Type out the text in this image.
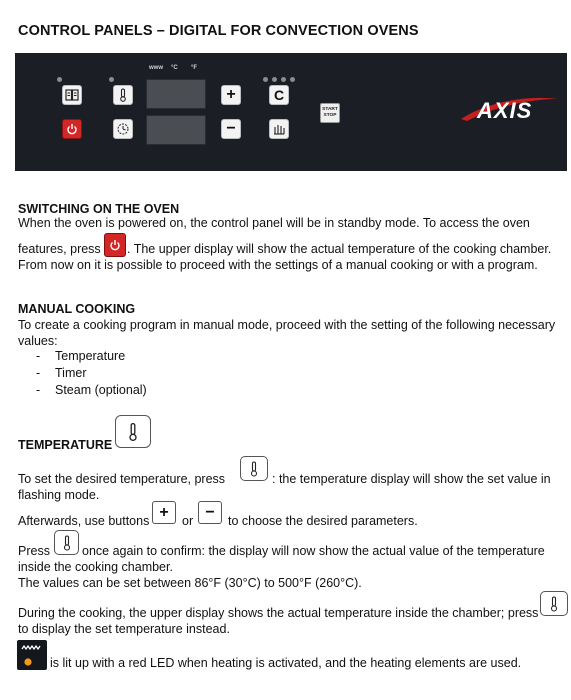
CONTROL PANELS – DIGITAL FOR CONVECTION OVENS
ᴡᴡᴡ °C °F
+
−
C
START
STOP	AXIS
SWITCHING ON THE OVEN
When the oven is powered on, the control panel will be in standby mode. To access the oven
features, press . The upper display will show the actual temperature of the cooking chamber.
From now on it is possible to proceed with the settings of a manual cooking or with a program.
MANUAL COOKING
To create a cooking program in manual mode, proceed with the setting of the following necessary
values:
- Temperature
- Timer
- Steam (optional)
TEMPERATURE
To set the desired temperature, press	: the temperature display will show the set value in
flashing mode.
Afterwards, use buttons
+
or
−
to choose the desired parameters.
Press	once again to confirm: the display will now show the actual value of the temperature
inside the cooking chamber.
The values can be set between 86°F (30°C) to 500°F (260°C).
During the cooking, the upper display shows the actual temperature inside the chamber; press
to display the set temperature instead.
is lit up with a red LED when heating is activated, and the heating elements are used.
